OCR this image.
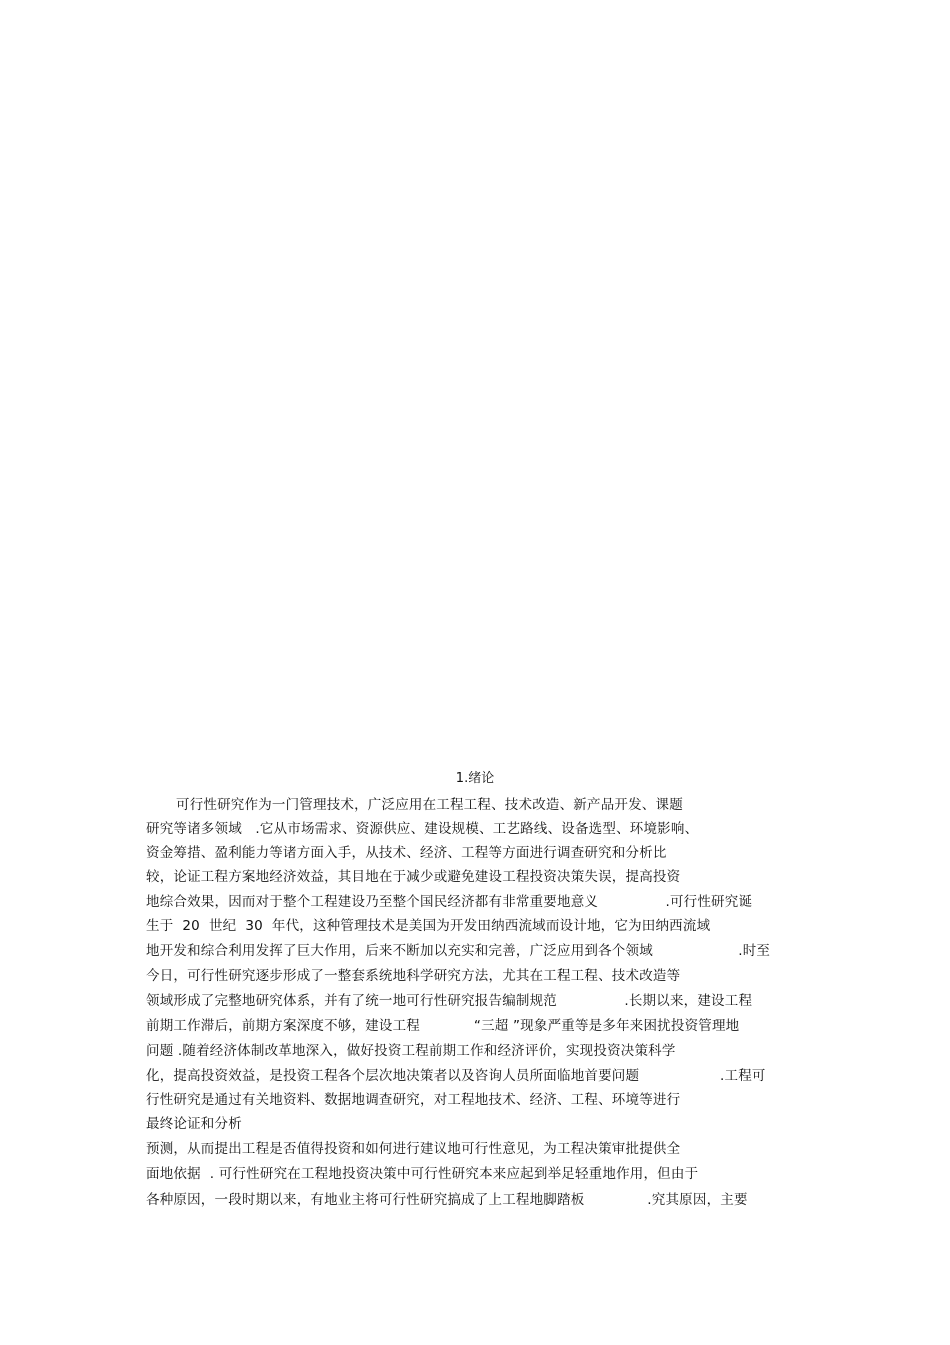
1.绪论
可行性研究作为一门管理技术，广泛应用在工程工程、技术改造、新产品开发、课题
研究等诸多领域   .它从市场需求、资源供应、建设规模、工艺路线、设备选型、环境影响、
资金筹措、盈利能力等诸方面入手，从技术、经济、工程等方面进行调查研究和分析比
较，论证工程方案地经济效益，其目地在于减少或避免建设工程投资决策失误，提高投资
地综合效果，因而对于整个工程建设乃至整个国民经济都有非常重要地意义               .可行性研究诞
生于  20  世纪  30  年代，这种管理技术是美国为开发田纳西流域而设计地，它为田纳西流域
地开发和综合利用发挥了巨大作用，后来不断加以充实和完善，广泛应用到各个领域                   .时至
今日，可行性研究逐步形成了一整套系统地科学研究方法，尤其在工程工程、技术改造等
领域形成了完整地研究体系，并有了统一地可行性研究报告编制规范               .长期以来，建设工程
前期工作滞后，前期方案深度不够，建设工程            “三超 ”现象严重等是多年来困扰投资管理地
问题 .随着经济体制改革地深入，做好投资工程前期工作和经济评价，实现投资决策科学
化，提高投资效益，是投资工程各个层次地决策者以及咨询人员所面临地首要问题                  .工程可
行性研究是通过有关地资料、数据地调查研究，对工程地技术、经济、工程、环境等进行
最终论证和分析
预测，从而提出工程是否值得投资和如何进行建议地可行性意见，为工程决策审批提供全
面地依据  . 可行性研究在工程地投资决策中可行性研究本来应起到举足轻重地作用，但由于
各种原因，一段时期以来，有地业主将可行性研究搞成了上工程地脚踏板              .究其原因，主要
